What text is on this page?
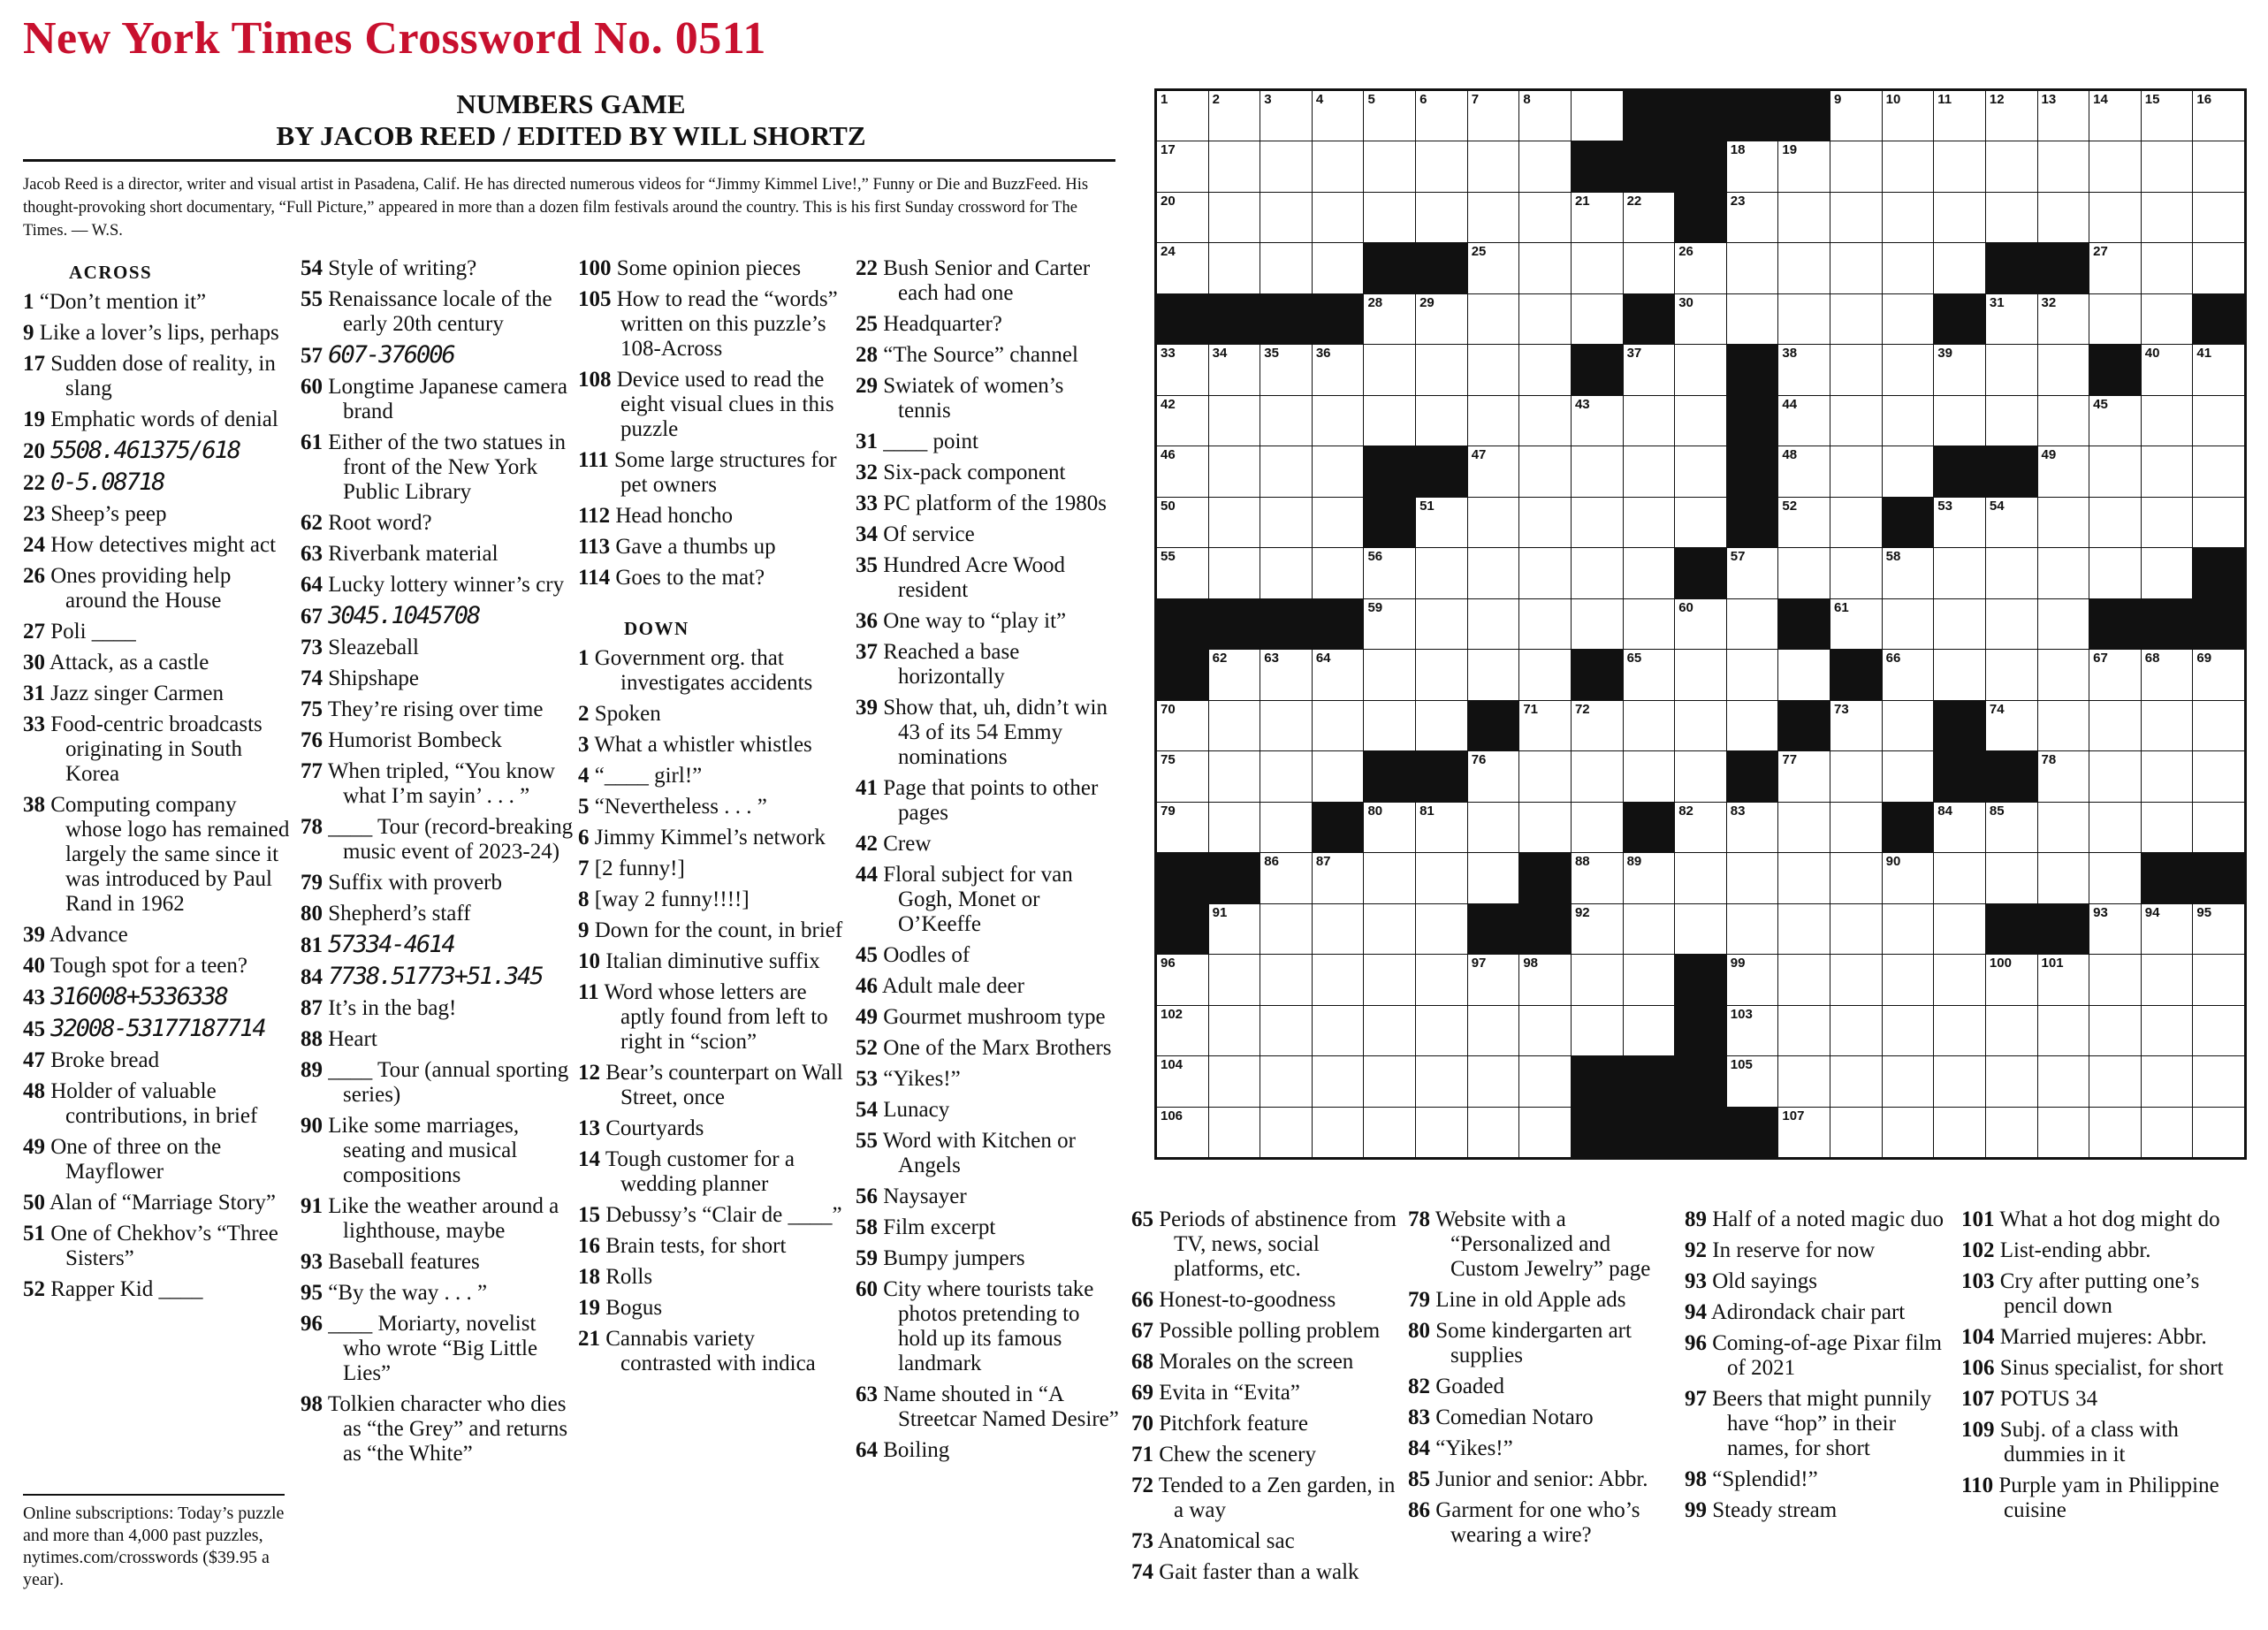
New York Times Crossword No. 0511
NUMBERS GAME
BY JACOB REED / EDITED BY WILL SHORTZ
Jacob Reed is a director, writer and visual artist in Pasadena, Calif. He has directed numerous videos for “Jimmy Kimmel Live!,” Funny or Die and BuzzFeed. His thought-provoking short documentary, “Full Picture,” appeared in more than a dozen film festivals around the country. This is his first Sunday crossword for The Times. — W.S.
ACROSS
1 “Don’t mention it”
9 Like a lover’s lips, perhaps
17 Sudden dose of reality, in slang
19 Emphatic words of denial
20 5508.461375/618
22 0-5.08718
23 Sheep’s peep
24 How detectives might act
26 Ones providing help around the House
27 Poli ____
30 Attack, as a castle
31 Jazz singer Carmen
33 Food-centric broadcasts originating in South Korea
38 Computing company whose logo has remained largely the same since it was introduced by Paul Rand in 1962
39 Advance
40 Tough spot for a teen?
43 316008+5336338
45 32008-53177187714
47 Broke bread
48 Holder of valuable contributions, in brief
49 One of three on the Mayflower
50 Alan of “Marriage Story”
51 One of Chekhov’s “Three Sisters”
52 Rapper Kid ____
54 Style of writing?
55 Renaissance locale of the early 20th century
57 607-376006
60 Longtime Japanese camera brand
61 Either of the two statues in front of the New York Public Library
62 Root word?
63 Riverbank material
64 Lucky lottery winner’s cry
67 3045.1045708
73 Sleazeball
74 Shipshape
75 They’re rising over time
76 Humorist Bombeck
77 When tripled, “You know what I’m sayin’ . . . ”
78 ____ Tour (record-breaking music event of 2023-24)
79 Suffix with proverb
80 Shepherd’s staff
81 57334-4614
84 7738.51773+51.345
87 It’s in the bag!
88 Heart
89 ____ Tour (annual sporting series)
90 Like some marriages, seating and musical compositions
91 Like the weather around a lighthouse, maybe
93 Baseball features
95 “By the way . . . ”
96 ____ Moriarty, novelist who wrote “Big Little Lies”
98 Tolkien character who dies as “the Grey” and returns as “the White”
100 Some opinion pieces
105 How to read the “words” written on this puzzle’s 108-Across
108 Device used to read the eight visual clues in this puzzle
111 Some large structures for pet owners
112 Head honcho
113 Gave a thumbs up
114 Goes to the mat?
DOWN
1 Government org. that investigates accidents
2 Spoken
3 What a whistler whistles
4 “____ girl!”
5 “Nevertheless . . . ”
6 Jimmy Kimmel’s network
7 [2 funny!]
8 [way 2 funny!!!!]
9 Down for the count, in brief
10 Italian diminutive suffix
11 Word whose letters are aptly found from left to right in “scion”
12 Bear’s counterpart on Wall Street, once
13 Courtyards
14 Tough customer for a wedding planner
15 Debussy’s “Clair de ____”
16 Brain tests, for short
18 Rolls
19 Bogus
21 Cannabis variety contrasted with indica
22 Bush Senior and Carter each had one
25 Headquarter?
28 “The Source” channel
29 Swiatek of women’s tennis
31 ____ point
32 Six-pack component
33 PC platform of the 1980s
34 Of service
35 Hundred Acre Wood resident
36 One way to “play it”
37 Reached a base horizontally
39 Show that, uh, didn’t win 43 of its 54 Emmy nominations
41 Page that points to other pages
42 Crew
44 Floral subject for van Gogh, Monet or O’Keeffe
45 Oodles of
46 Adult male deer
49 Gourmet mushroom type
52 One of the Marx Brothers
53 “Yikes!”
54 Lunacy
55 Word with Kitchen or Angels
56 Naysayer
58 Film excerpt
59 Bumpy jumpers
60 City where tourists take photos pretending to hold up its famous landmark
63 Name shouted in “A Streetcar Named Desire”
64 Boiling
65 Periods of abstinence from TV, news, social platforms, etc.
66 Honest-to-goodness
67 Possible polling problem
68 Morales on the screen
69 Evita in “Evita”
70 Pitchfork feature
71 Chew the scenery
72 Tended to a Zen garden, in a way
73 Anatomical sac
74 Gait faster than a walk
78 Website with a “Personalized and Custom Jewelry” page
79 Line in old Apple ads
80 Some kindergarten art supplies
82 Goaded
83 Comedian Notaro
84 “Yikes!”
85 Junior and senior: Abbr.
86 Garment for one who’s wearing a wire?
89 Half of a noted magic duo
92 In reserve for now
93 Old sayings
94 Adirondack chair part
96 Coming-of-age Pixar film of 2021
97 Beers that might punnily have “hop” in their names, for short
98 “Splendid!”
99 Steady stream
101 What a hot dog might do
102 List-ending abbr.
103 Cry after putting one’s pencil down
104 Married mujeres: Abbr.
106 Sinus specialist, for short
107 POTUS 34
109 Subj. of a class with dummies in it
110 Purple yam in Philippine cuisine
Online subscriptions: Today’s puzzle and more than 4,000 past puzzles, nytimes.com/crosswords ($39.95 a year).
1	2	3	4	5	6	7	8	9	10	11	12	13	14	15	16
17	18	19
20	21	22	23
24	25	26	27
28	29	30	31	32
33	34	35	36	37	38	39	40	41
42	43	44	45
46	47	48	49
50	51	52	53	54
55	56	57	58
59	60	61
62	63	64	65	66	67	68	69
70	71	72	73	74
75	76	77	78
79	80	81	82	83	84	85
86	87	88	89	90
91	92	93	94	95
96	97	98	99	100 101
102	103
104	105
106	107
